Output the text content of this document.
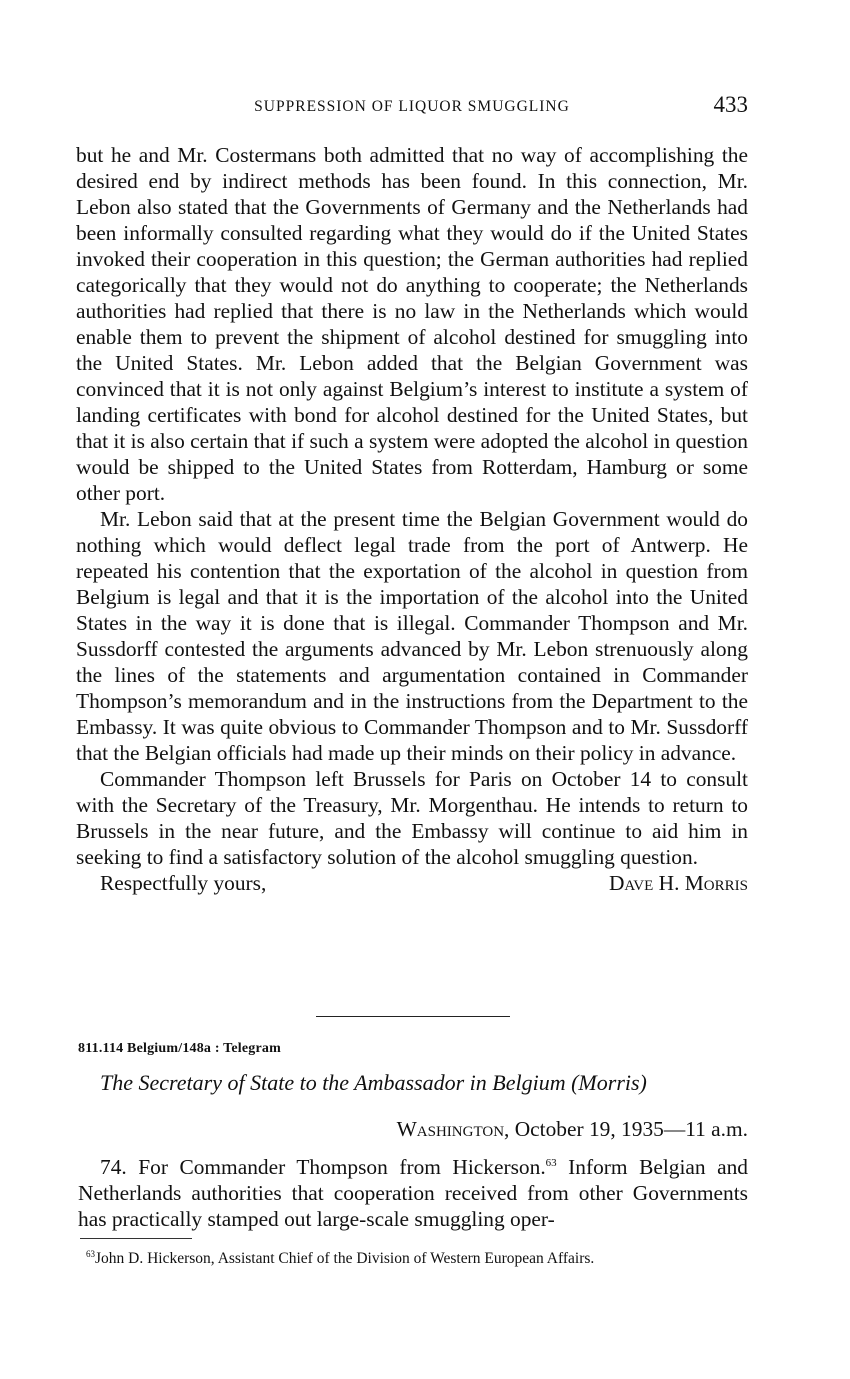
SUPPRESSION OF LIQUOR SMUGGLING	433

but he and Mr. Costermans both admitted that no way of accomplishing the desired end by indirect methods has been found. In this connection, Mr. Lebon also stated that the Governments of Germany and the Netherlands had been informally consulted regarding what they would do if the United States invoked their cooperation in this question; the German authorities had replied categorically that they would not do anything to cooperate; the Netherlands authorities had replied that there is no law in the Netherlands which would enable them to prevent the shipment of alcohol destined for smuggling into the United States. Mr. Lebon added that the Belgian Government was convinced that it is not only against Belgium’s interest to institute a system of landing certificates with bond for alcohol destined for the United States, but that it is also certain that if such a system were adopted the alcohol in question would be shipped to the United States from Rotterdam, Hamburg or some other port.

Mr. Lebon said that at the present time the Belgian Government would do nothing which would deflect legal trade from the port of Antwerp. He repeated his contention that the exportation of the alcohol in question from Belgium is legal and that it is the importation of the alcohol into the United States in the way it is done that is illegal. Commander Thompson and Mr. Sussdorff contested the arguments advanced by Mr. Lebon strenuously along the lines of the statements and argumentation contained in Commander Thompson’s memorandum and in the instructions from the Department to the Embassy. It was quite obvious to Commander Thompson and to Mr. Sussdorff that the Belgian officials had made up their minds on their policy in advance.

Commander Thompson left Brussels for Paris on October 14 to consult with the Secretary of the Treasury, Mr. Morgenthau. He intends to return to Brussels in the near future, and the Embassy will continue to aid him in seeking to find a satisfactory solution of the alcohol smuggling question.

Respectfully yours,	Dave H. Morris
811.114 Belgium/148a : Telegram
The Secretary of State to the Ambassador in Belgium (Morris)
Washington, October 19, 1935—11 a.m.

74. For Commander Thompson from Hickerson.$^{63}$ Inform Belgian and Netherlands authorities that cooperation received from other Governments has practically stamped out large-scale smuggling oper-

$^{63}$John D. Hickerson, Assistant Chief of the Division of Western European Affairs.
